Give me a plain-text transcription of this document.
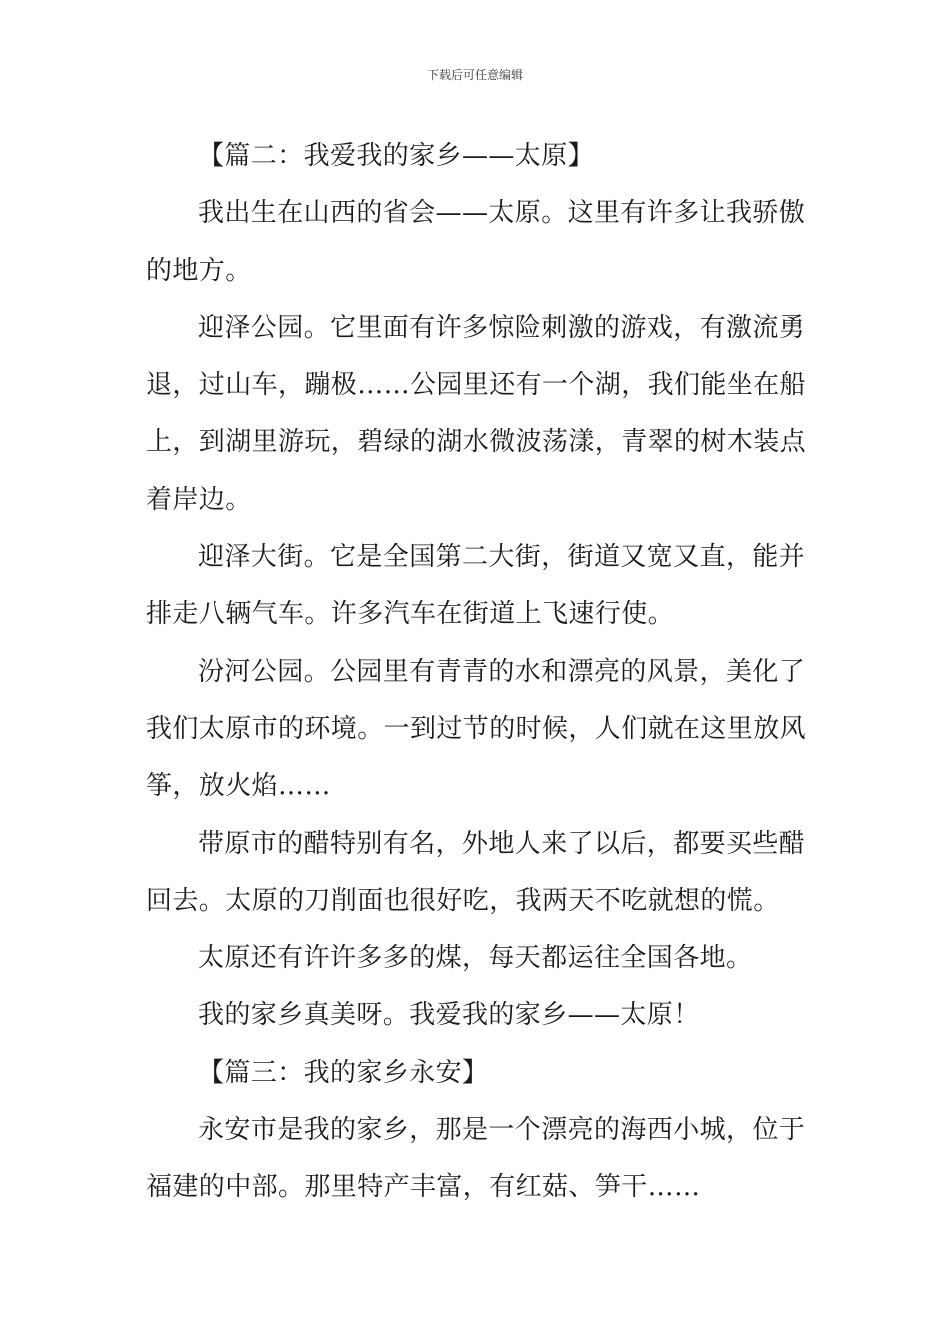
下载后可任意编辑
【篇二：我爱我的家乡——太原】
我出生在山西的省会——太原。这里有许多让我骄傲
的地方。
迎泽公园。它里面有许多惊险刺激的游戏，有激流勇
退，过山车，蹦极……公园里还有一个湖，我们能坐在船
上，到湖里游玩，碧绿的湖水微波荡漾，青翠的树木装点
着岸边。
迎泽大街。它是全国第二大街，街道又宽又直，能并
排走八辆气车。许多汽车在街道上飞速行使。
汾河公园。公园里有青青的水和漂亮的风景，美化了
我们太原市的环境。一到过节的时候，人们就在这里放风
筝，放火焰……
带原市的醋特别有名，外地人来了以后，都要买些醋
回去。太原的刀削面也很好吃，我两天不吃就想的慌。
太原还有许许多多的煤，每天都运往全国各地。
我的家乡真美呀。我爱我的家乡——太原！
【篇三：我的家乡永安】
永安市是我的家乡，那是一个漂亮的海西小城，位于
福建的中部。那里特产丰富，有红菇、笋干……
